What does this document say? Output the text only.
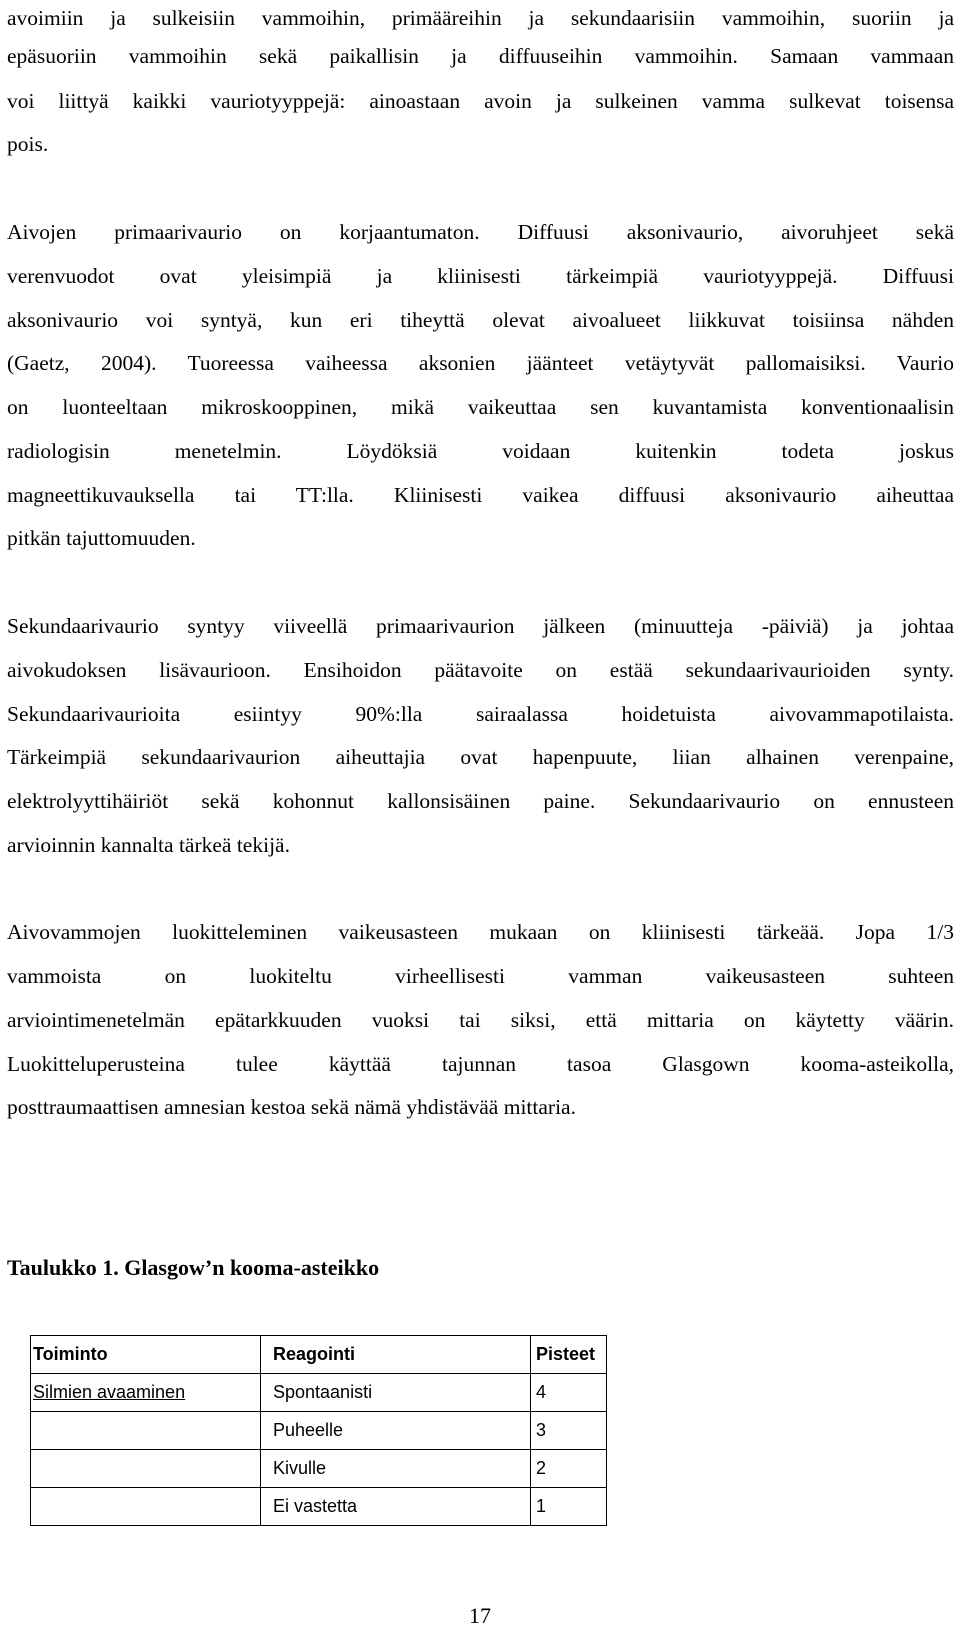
avoimiin ja sulkeisiin vammoihin, primääreihin ja sekundaarisiin vammoihin, suoriin ja
epäsuoriin vammoihin sekä paikallisin ja diffuuseihin vammoihin. Samaan vammaan
voi liittyä kaikki vauriotyyppejä: ainoastaan avoin ja sulkeinen vamma sulkevat toisensa
pois.
Aivojen primaarivaurio on korjaantumaton. Diffuusi aksonivaurio, aivoruhjeet sekä
verenvuodot ovat yleisimpiä ja kliinisesti tärkeimpiä vauriotyyppejä. Diffuusi
aksonivaurio voi syntyä, kun eri tiheyttä olevat aivoalueet liikkuvat toisiinsa nähden
(Gaetz, 2004). Tuoreessa vaiheessa aksonien jäänteet vetäytyvät pallomaisiksi. Vaurio
on luonteeltaan mikroskooppinen, mikä vaikeuttaa sen kuvantamista konventionaalisin
radiologisin menetelmin. Löydöksiä voidaan kuitenkin todeta joskus
magneettikuvauksella tai TT:lla. Kliinisesti vaikea diffuusi aksonivaurio aiheuttaa
pitkän tajuttomuuden.
Sekundaarivaurio syntyy viiveellä primaarivaurion jälkeen (minuutteja -päiviä) ja johtaa
aivokudoksen lisävaurioon. Ensihoidon päätavoite on estää sekundaarivaurioiden synty.
Sekundaarivaurioita esiintyy 90%:lla sairaalassa hoidetuista aivovammapotilaista.
Tärkeimpiä sekundaarivaurion aiheuttajia ovat hapenpuute, liian alhainen verenpaine,
elektrolyyttihäiriöt sekä kohonnut kallonsisäinen paine. Sekundaarivaurio on ennusteen
arvioinnin kannalta tärkeä tekijä.
Aivovammojen luokitteleminen vaikeusasteen mukaan on kliinisesti tärkeää. Jopa 1/3
vammoista on luokiteltu virheellisesti vamman vaikeusasteen suhteen
arviointimenetelmän epätarkkuuden vuoksi tai siksi, että mittaria on käytetty väärin.
Luokitteluperusteina tulee käyttää tajunnan tasoa Glasgown kooma-asteikolla,
posttraumaattisen amnesian kestoa sekä nämä yhdistävää mittaria.
Taulukko 1. Glasgow’n kooma-asteikko
Toiminto	Reagointi	Pisteet
Silmien avaaminen	Spontaanisti	4
	Puheelle	3
	Kivulle	2
	Ei vastetta	1
17
